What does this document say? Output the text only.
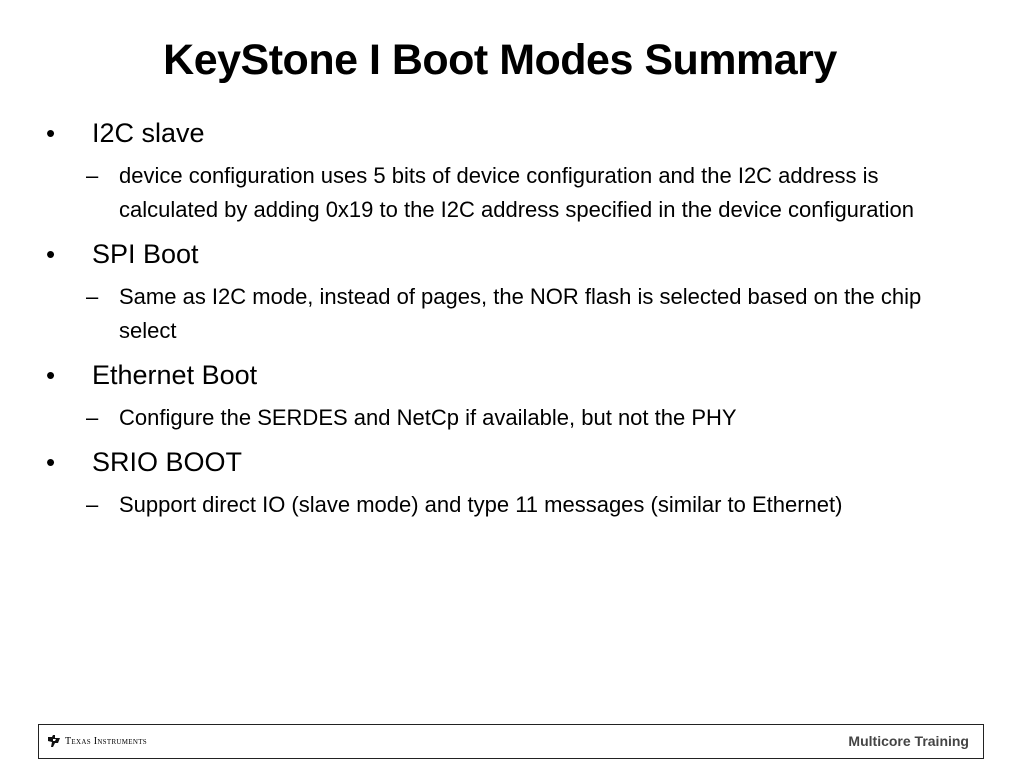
KeyStone I Boot Modes Summary
•	I2C slave
– device configuration uses 5 bits of device configuration and the I2C address is calculated by adding 0x19 to the I2C address specified in the device configuration
•	SPI Boot
– Same as I2C mode, instead of pages, the NOR flash is selected based on the chip select
•	Ethernet Boot
– Configure the SERDES and NetCp if available, but not the PHY
•	SRIO BOOT
– Support direct IO (slave mode) and type 11 messages (similar to Ethernet)
Texas Instruments	Multicore Training
